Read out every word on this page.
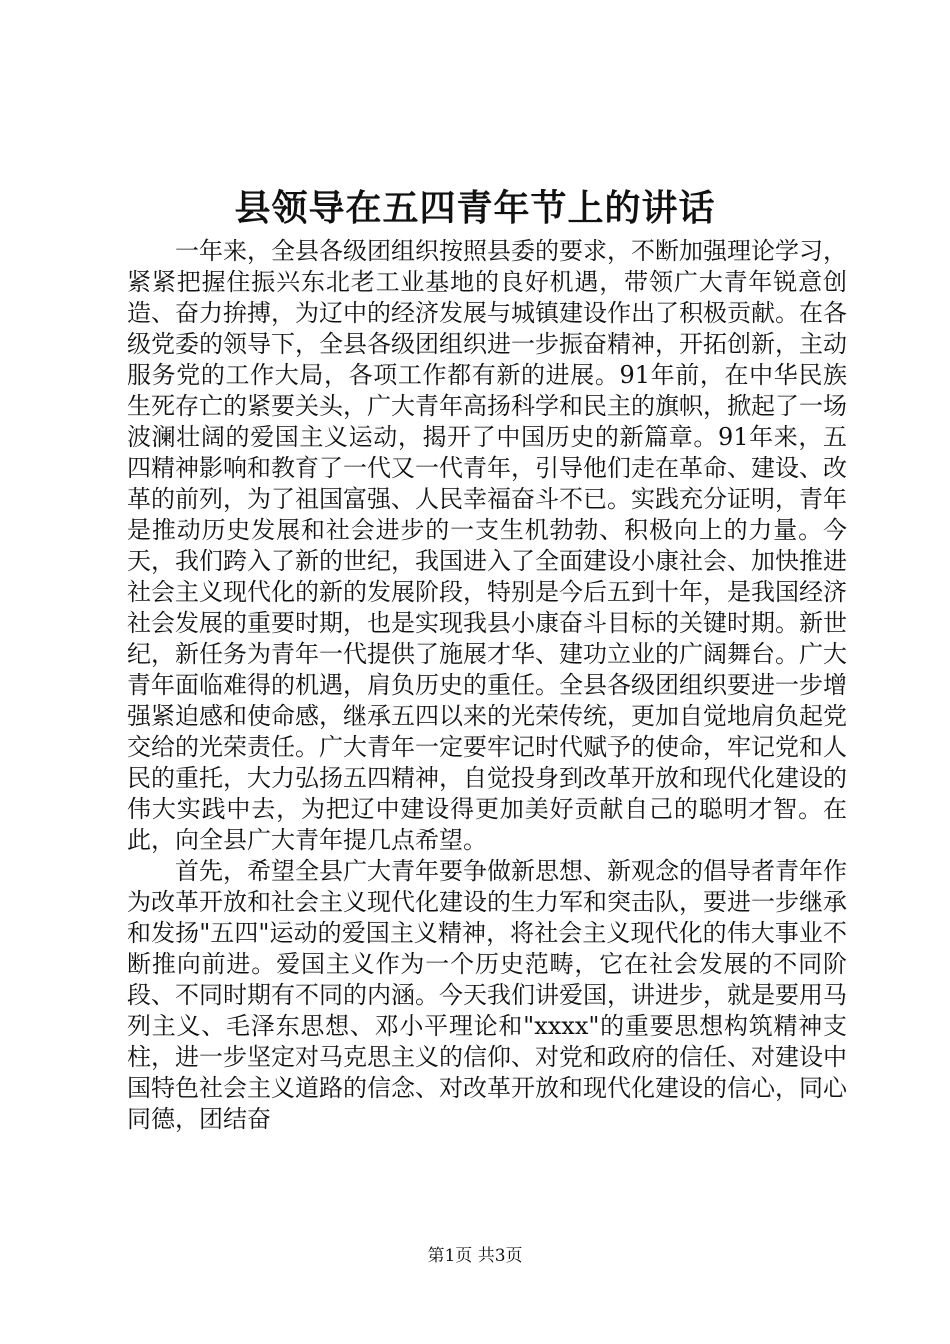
县领导在五四青年节上的讲话

一年来，全县各级团组织按照县委的要求，不断加强理论学习，紧紧把握住振兴东北老工业基地的良好机遇，带领广大青年锐意创造、奋力拚搏，为辽中的经济发展与城镇建设作出了积极贡献。在各级党委的领导下，全县各级团组织进一步振奋精神，开拓创新，主动服务党的工作大局，各项工作都有新的进展。91年前，在中华民族生死存亡的紧要关头，广大青年高扬科学和民主的旗帜，掀起了一场波澜壮阔的爱国主义运动，揭开了中国历史的新篇章。91年来，五四精神影响和教育了一代又一代青年，引导他们走在革命、建设、改革的前列，为了祖国富强、人民幸福奋斗不已。实践充分证明，青年是推动历史发展和社会进步的一支生机勃勃、积极向上的力量。今天，我们跨入了新的世纪，我国进入了全面建设小康社会、加快推进社会主义现代化的新的发展阶段，特别是今后五到十年，是我国经济社会发展的重要时期，也是实现我县小康奋斗目标的关键时期。新世纪，新任务为青年一代提供了施展才华、建功立业的广阔舞台。广大青年面临难得的机遇，肩负历史的重任。全县各级团组织要进一步增强紧迫感和使命感，继承五四以来的光荣传统，更加自觉地肩负起党交给的光荣责任。广大青年一定要牢记时代赋予的使命，牢记党和人民的重托，大力弘扬五四精神，自觉投身到改革开放和现代化建设的伟大实践中去，为把辽中建设得更加美好贡献自己的聪明才智。在此，向全县广大青年提几点希望。

首先，希望全县广大青年要争做新思想、新观念的倡导者青年作为改革开放和社会主义现代化建设的生力军和突击队，要进一步继承和发扬"五四"运动的爱国主义精神，将社会主义现代化的伟大事业不断推向前进。爱国主义作为一个历史范畴，它在社会发展的不同阶段、不同时期有不同的内涵。今天我们讲爱国，讲进步，就是要用马列主义、毛泽东思想、邓小平理论和"xxxx"的重要思想构筑精神支柱，进一步坚定对马克思主义的信仰、对党和政府的信任、对建设中国特色社会主义道路的信念、对改革开放和现代化建设的信心，同心同德，团结奋

第1页 共3页
